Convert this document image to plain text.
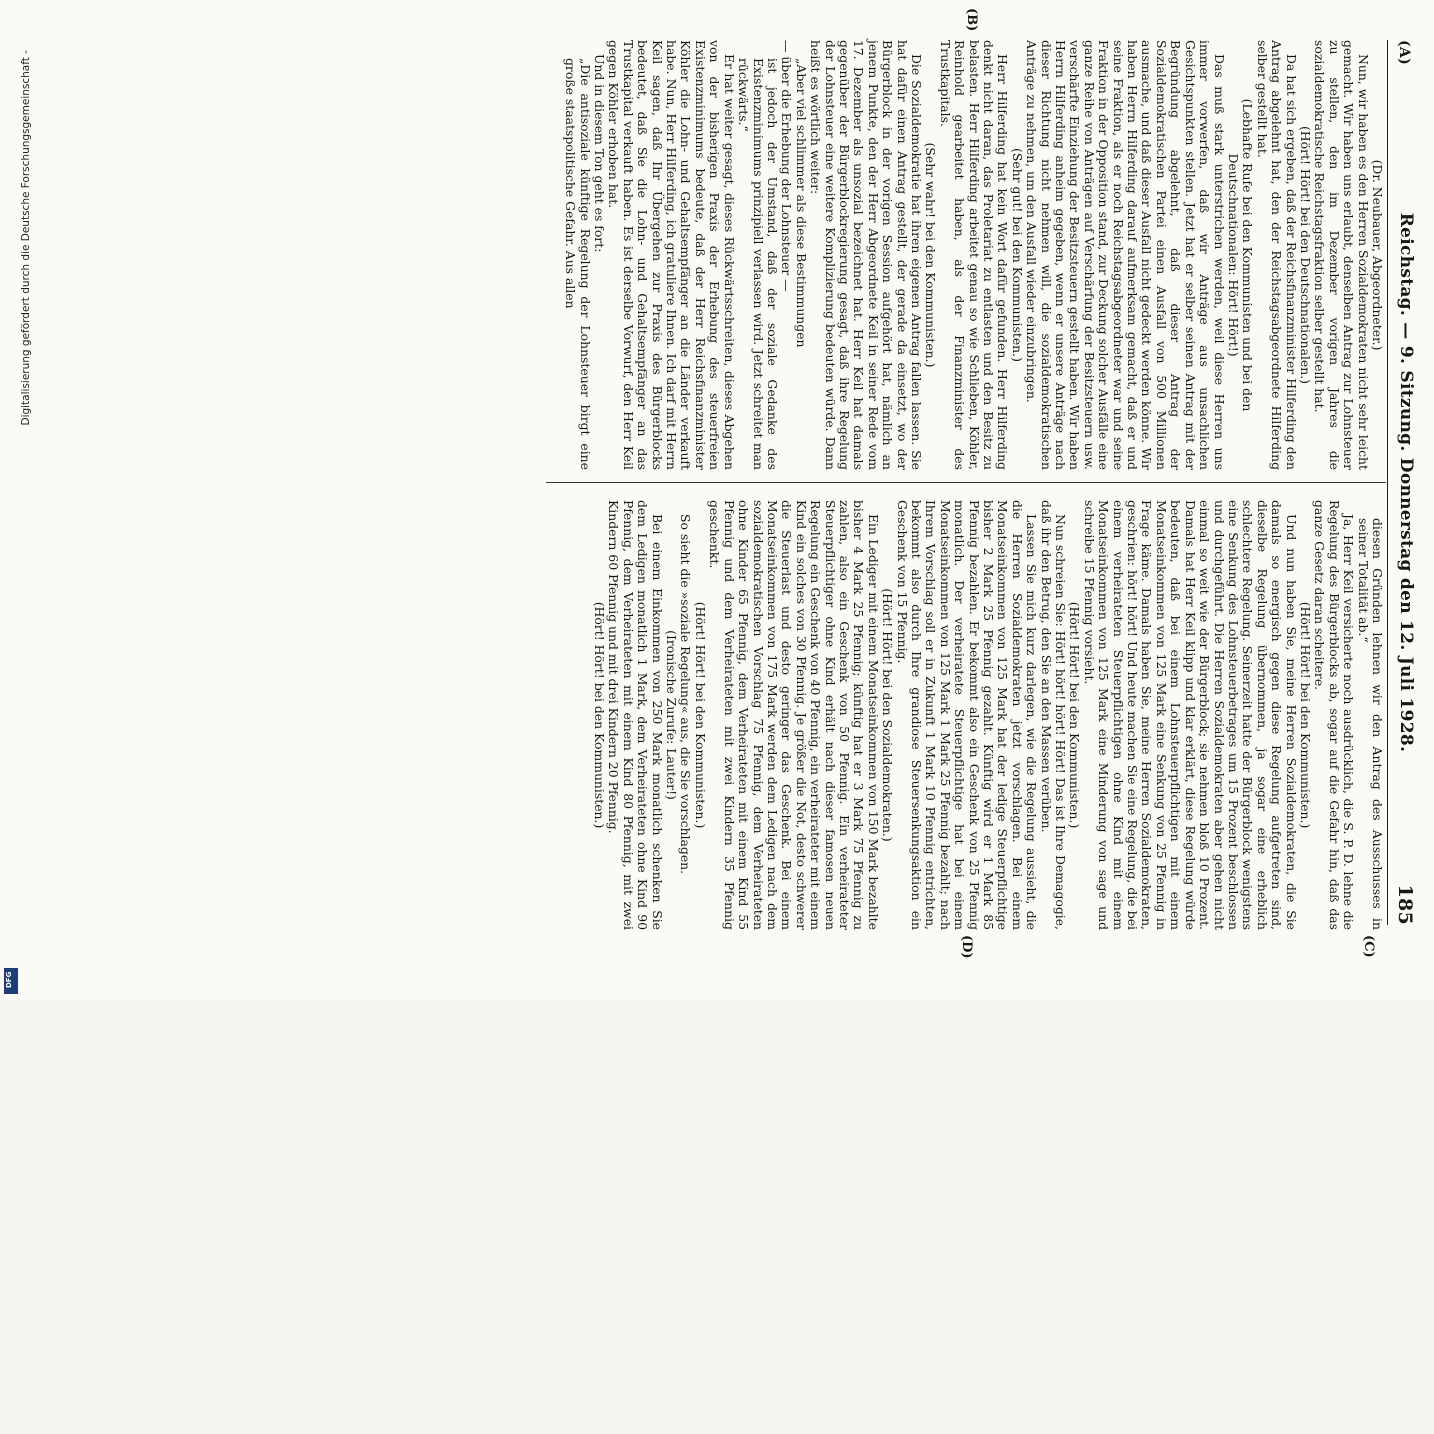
(A)
Reichstag. — 9. Sitzung. Donnerstag den 12. Juli 1928.
185
(B)
(C)
(D)

(Dr. Neubauer, Abgeordneter.)

Nun, wir haben es den Herren Sozialdemokraten nicht sehr leicht gemacht. Wir haben uns erlaubt, denselben Antrag zur Lohnsteuer zu stellen, den im Dezember vorigen Jahres die sozialdemokratische Reichstagsfraktion selber gestellt hat.

(Hört! Hört! bei den Deutschnationalen.)

Da hat sich ergeben, daß der Reichsfinanzminister Hilferding den Antrag abgelehnt hat, den der Reichstagsabgeordnete Hilferding selber gestellt hat.

(Lebhafte Rufe bei den Kommunisten und bei den Deutschnationalen: Hört! Hört!)

Das muß stark unterstrichen werden, weil diese Herren uns immer vorwerfen, daß wir Anträge aus unsachlichen Gesichtspunkten stellen. Jetzt hat er selber seinen Antrag mit der Begründung abgelehnt, daß dieser Antrag der Sozialdemokratischen Partei einen Ausfall von 500 Millionen ausmache, und daß dieser Ausfall nicht gedeckt werden könne. Wir haben Herrn Hilferding darauf aufmerksam gemacht, daß er und seine Fraktion, als er noch Reichstagsabgeordneter war und seine Fraktion in der Opposition stand, zur Deckung solcher Ausfälle eine ganze Reihe von Anträgen auf Verschärfung der Besitzsteuern usw. verschärfte Einziehung der Besitzsteuern gestellt haben. Wir haben Herrn Hilferding anheim gegeben, wenn er unsere Anträge nach dieser Richtung nicht nehmen will, die sozialdemokratischen Anträge zu nehmen, um den Ausfall wieder einzubringen.

(Sehr gut! bei den Kommunisten.)

Herr Hilferding hat kein Wort dafür gefunden. Herr Hilferding denkt nicht daran, das Proletariat zu entlasten und den Besitz zu belasten. Herr Hilferding arbeitet genau so wie Schlieben, Köhler, Reinhold gearbeitet haben, als der Finanzminister des Trustkapitals.

(Sehr wahr! bei den Kommunisten.)

Die Sozialdemokratie hat ihren eigenen Antrag fallen lassen. Sie hat dafür einen Antrag gestellt, der gerade da einsetzt, wo der Bürgerblock in der vorigen Session aufgehört hat, nämlich an jenem Punkte, den der Herr Abgeordnete Keil in seiner Rede vom 17. Dezember als unsozial bezeichnet hat. Herr Keil hat damals gegenüber der Bürgerblockregierung gesagt, daß ihre Regelung der Lohnsteuer eine weitere Komplizierung bedeuten würde. Dann heißt es wörtlich weiter:

„Aber viel schlimmer als diese Bestimmungen

— über die Erhebung der Lohnsteuer —

ist jedoch der Umstand, daß der soziale Gedanke des Existenzminimums prinzipiell verlassen wird. Jetzt schreitet man rückwärts.“

Er hat weiter gesagt, dieses Rückwärtsschreiten, dieses Abgehen von der bisherigen Praxis der Erhebung des steuerfreien Existenzminimums bedeute, daß der Herr Reichsfinanzminister Köhler die Lohn- und Gehaltsempfänger an die Länder verkauft habe. Nun, Herr Hilferding, ich gratuliere Ihnen. Ich darf mit Herrn Keil sagen, daß Ihr Übergehen zur Praxis des Bürgerblocks bedeutet, daß Sie die Lohn- und Gehaltsempfänger an das Trustkapital verkauft haben. Es ist derselbe Vorwurf, den Herr Keil gegen Köhler erhoben hat.

Und in diesem Ton geht es fort:

„Die antisoziale künftige Regelung der Lohnsteuer birgt eine große staatspolitische Gefahr. Aus allen

diesen Gründen lehnen wir den Antrag des Ausschusses in seiner Totalität ab.“

Ja, Herr Keil versicherte noch ausdrücklich, die S. P. D. lehne die Regelung des Bürgerblocks ab, sogar auf die Gefahr hin, daß das ganze Gesetz daran scheitere.

(Hört! Hört! bei den Kommunisten.)

Und nun haben Sie, meine Herren Sozialdemokraten, die Sie damals so energisch gegen diese Regelung aufgetreten sind, dieselbe Regelung übernommen, ja sogar eine erheblich schlechtere Regelung. Seinerzeit hatte der Bürgerblock wenigstens eine Senkung des Lohnsteuerbetrages um 15 Prozent beschlossen und durchgeführt. Die Herren Sozialdemokraten aber gehen nicht einmal so weit wie der Bürgerblock; sie nehmen bloß 10 Prozent. Damals hat Herr Keil klipp und klar erklärt, diese Regelung würde bedeuten, daß bei einem Lohnsteuerpflichtigen mit einem Monatseinkommen von 125 Mark eine Senkung von 25 Pfennig in Frage käme. Damals haben Sie, meine Herren Sozialdemokraten, geschrien: hört! hört! Und heute machen Sie eine Regelung, die bei einem verheirateten Steuerpflichtigen ohne Kind mit einem Monatseinkommen von 125 Mark eine Minderung von sage und schreibe 15 Pfennig vorsieht.

(Hört! Hört! bei den Kommunisten.)

Nun schreien Sie: Hört! hört! hört! Hört! Das ist Ihre Demagogie, daß ihr den Betrug, den Sie an den Massen verüben.

Lassen Sie mich kurz darlegen, wie die Regelung aussieht, die die Herren Sozialdemokraten jetzt vorschlagen. Bei einem Monatseinkommen von 125 Mark hat der ledige Steuerpflichtige bisher 2 Mark 25 Pfennig gezahlt. Künftig wird er 1 Mark 85 Pfennig bezahlen. Er bekommt also ein Geschenk von 25 Pfennig monatlich. Der verheiratete Steuerpflichtige hat bei einem Monatseinkommen von 125 Mark 1 Mark 25 Pfennig bezahlt; nach Ihrem Vorschlag soll er in Zukunft 1 Mark 10 Pfennig entrichten, bekommt also durch Ihre grandiose Steuersenkungsaktion ein Geschenk von 15 Pfennig.

(Hört! Hört! bei den Sozialdemokraten.)

Ein Lediger mit einem Monatseinkommen von 150 Mark bezahlte bisher 4 Mark 25 Pfennig; künftig hat er 3 Mark 75 Pfennig zu zahlen, also ein Geschenk von 50 Pfennig. Ein verheirateter Steuerpflichtiger ohne Kind erhält nach dieser famosen neuen Regelung ein Geschenk von 40 Pfennig, ein verheirateter mit einem Kind ein solches von 30 Pfennig. Je größer die Not, desto schwerer die Steuerlast und desto geringer das Geschenk. Bei einem Monatseinkommen von 175 Mark werden dem Ledigen nach dem sozialdemokratischen Vorschlag 75 Pfennig, dem Verheirateten ohne Kinder 65 Pfennig, dem Verheirateten mit einem Kind 55 Pfennig und dem Verheirateten mit zwei Kindern 35 Pfennig geschenkt.

(Hört! Hört! bei den Kommunisten.)

So sieht die »soziale Regelung« aus, die Sie vorschlagen.

(Ironische Zurufe: Lauter!)

Bei einem Einkommen von 250 Mark monatlich schenken Sie dem Ledigen monatlich 1 Mark, dem Verheirateten ohne Kind 90 Pfennig, dem Verheirateten mit einem Kind 80 Pfennig, mit zwei Kindern 60 Pfennig und mit drei Kindern 20 Pfennig.

(Hört! Hört! bei den Kommunisten.)

Digitalisierung gefördert durch die Deutsche Forschungsgemeinschaft -
DFG
